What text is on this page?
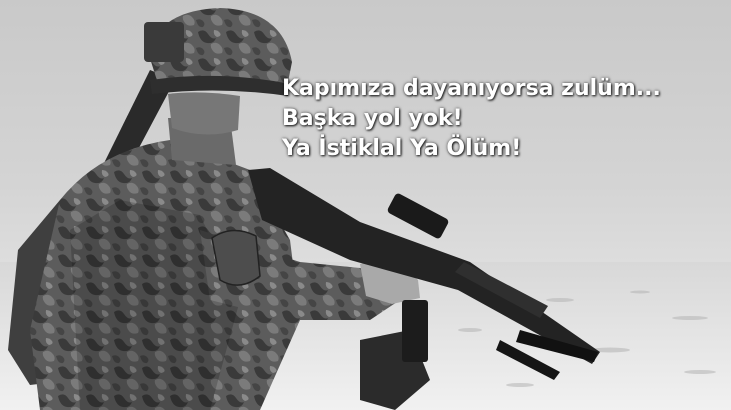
Kapımıza dayanıyorsa zulüm...
Başka yol yok!
Ya İstiklal Ya Ölüm!
